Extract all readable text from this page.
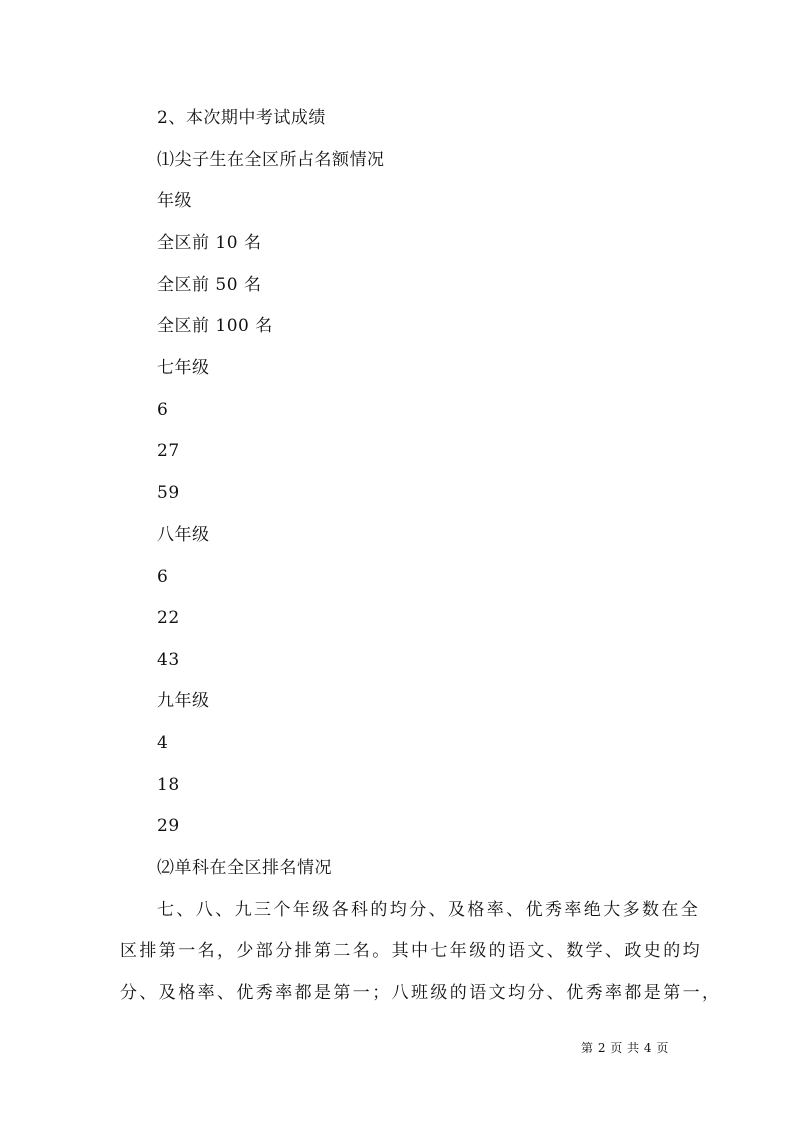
2、本次期中考试成绩
⑴尖子生在全区所占名额情况
年级
全区前 10 名
全区前 50 名
全区前 100 名
七年级
6
27
59
八年级
6
22
43
九年级
4
18
29
⑵单科在全区排名情况
七、八、九三个年级各科的均分、及格率、优秀率绝大多数在全
区排第一名，少部分排第二名。其中七年级的语文、数学、政史的均
分、及格率、优秀率都是第一；八班级的语文均分、优秀率都是第一，
第 2 页 共 4 页
